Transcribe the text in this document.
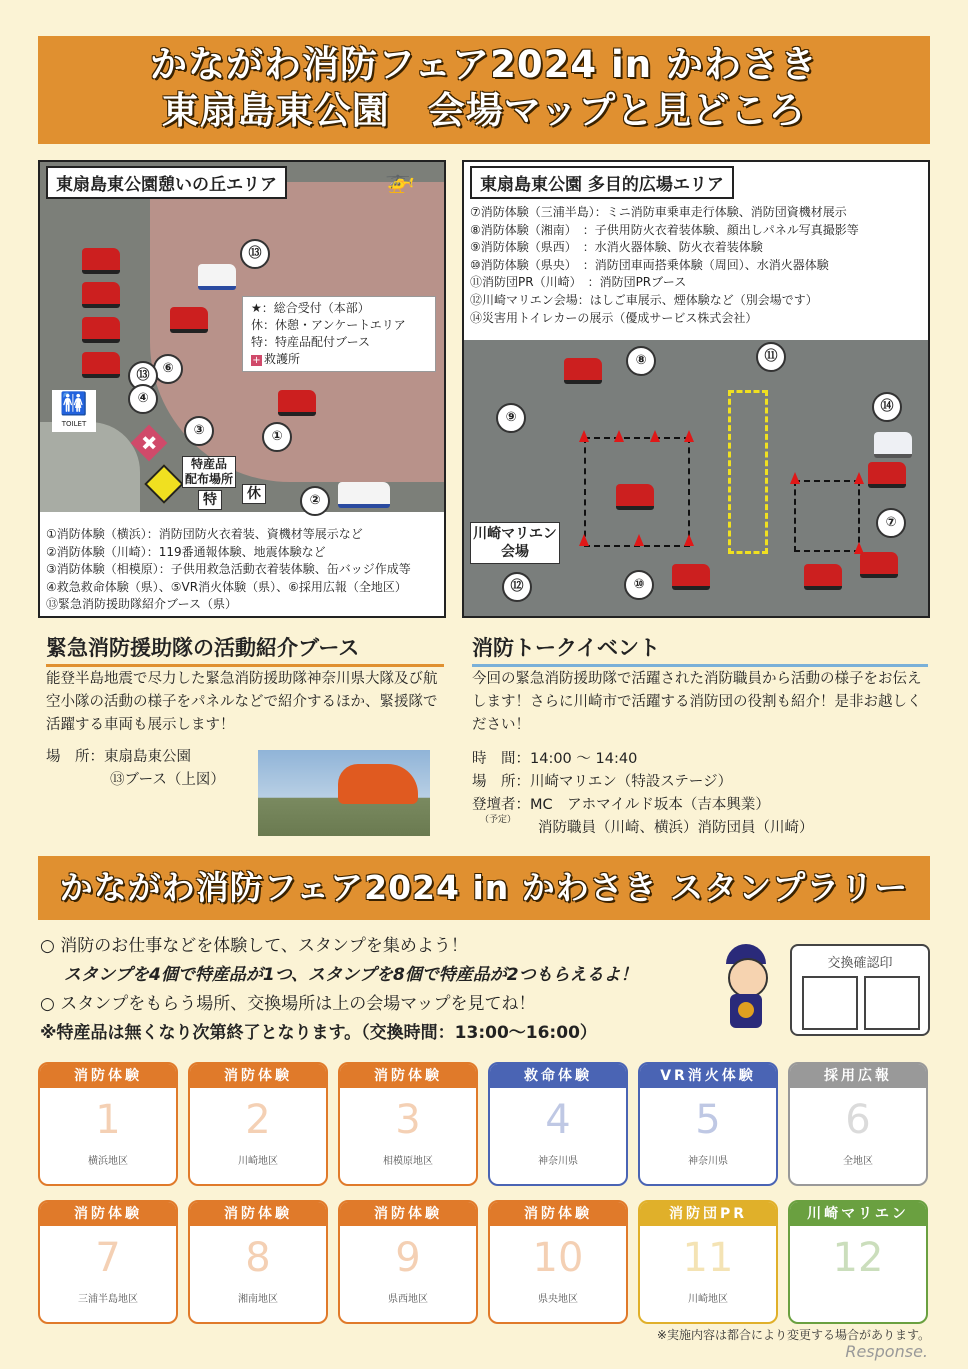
かながわ消防フェア2024 in かわさき
東扇島東公園　会場マップと見どころ
東扇島東公園憩いの丘エリア	🚁
★：総合受付（本部）
休：休憩・アンケートエリア
特：特産品配付ブース
+ 救護所
⑬
⑥
⑬
④
③	①
②
🚻
TOILET
✚
特産品
配布場所
特	休
①消防体験（横浜）：消防団防火衣着装、資機材等展示など
②消防体験（川崎）：119番通報体験、地震体験など
③消防体験（相模原）：子供用救急活動衣着装体験、缶バッジ作成等
④救急救命体験（県）、⑤VR消火体験（県）、⑥採用広報（全地区）
⑬緊急消防援助隊紹介ブース（県）
東扇島東公園 多目的広場エリア
⑦消防体験（三浦半島）：ミニ消防車乗車走行体験、消防団資機材展示
⑧消防体験（湘南）　：子供用防火衣着装体験、顔出しパネル写真撮影等
⑨消防体験（県西）　：水消火器体験、防火衣着装体験
⑩消防体験（県央）　：消防団車両搭乗体験（周回）、水消火器体験
⑪消防団PR（川崎）　：消防団PRブース
⑫川崎マリエン会場：はしご車展示、煙体験など（別会場です）
⑭災害用トイレカーの展示（優成サービス株式会社）
⑧	⑪
⑨
⑭
⑦
⑩
川崎マリエン
会場
⑫
緊急消防援助隊の活動紹介ブース
能登半島地震で尽力した緊急消防援助隊神奈川県大隊及び航空小隊の活動の様子をパネルなどで紹介するほか、緊援隊で活躍する車両も展示します！
場　所：東扇島東公園
⑬ブース（上図）
消防トークイベント
今回の緊急消防援助隊で活躍された消防職員から活動の様子をお伝えします！さらに川崎市で活躍する消防団の役割も紹介！是非お越しください！
時　間：14:00 ～ 14:40
場　所：川崎マリエン（特設ステージ）
登壇者：MC　アホマイルド坂本（吉本興業）
（予定） 消防職員（川崎、横浜）消防団員（川崎）
かながわ消防フェア2024 in かわさき スタンプラリー
○ 消防のお仕事などを体験して、スタンプを集めよう！
スタンプを4個で特産品が1つ、スタンプを8個で特産品が2つもらえるよ！
○ スタンプをもらう場所、交換場所は上の会場マップを見てね！
※特産品は無くなり次第終了となります。（交換時間：13:00～16:00）
交換確認印
消防体験
1
横浜地区
消防体験
2
川崎地区
消防体験
3
相模原地区
救命体験
4
神奈川県
VR消火体験
5
神奈川県
採用広報
6
全地区
消防体験
7
三浦半島地区
消防体験
8
湘南地区
消防体験
9
県西地区
消防体験
10
県央地区
消防団PR
11
川崎地区
川崎マリエン
12
※実施内容は都合により変更する場合があります。
Response.
